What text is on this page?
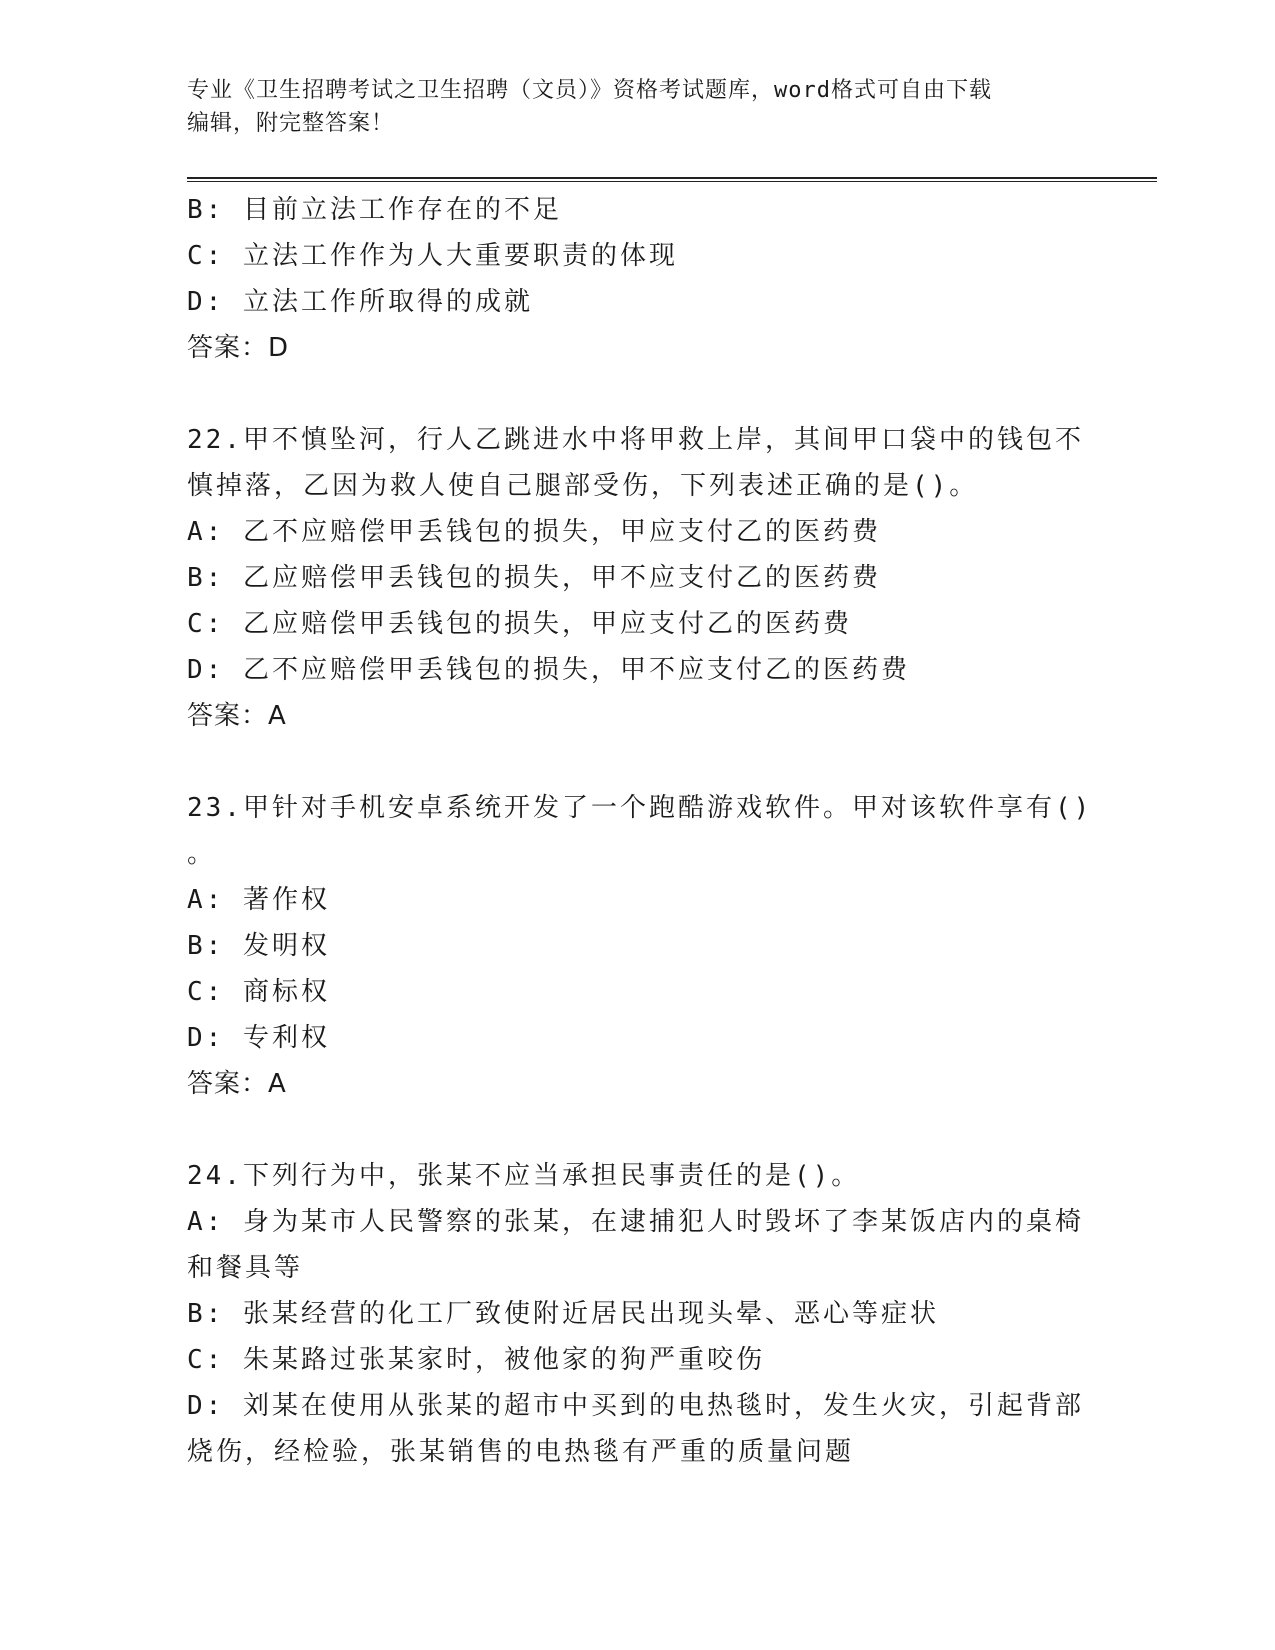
专业《卫生招聘考试之卫生招聘（文员）》资格考试题库，word格式可自由下载
编辑，附完整答案！
B: 目前立法工作存在的不足
C: 立法工作作为人大重要职责的体现
D: 立法工作所取得的成就
答案：D
22.甲不慎坠河，行人乙跳进水中将甲救上岸，其间甲口袋中的钱包不
慎掉落，乙因为救人使自己腿部受伤，下列表述正确的是()。
A: 乙不应赔偿甲丢钱包的损失，甲应支付乙的医药费
B: 乙应赔偿甲丢钱包的损失，甲不应支付乙的医药费
C: 乙应赔偿甲丢钱包的损失，甲应支付乙的医药费
D: 乙不应赔偿甲丢钱包的损失，甲不应支付乙的医药费
答案：A
23.甲针对手机安卓系统开发了一个跑酷游戏软件。甲对该软件享有()
。
A: 著作权
B: 发明权
C: 商标权
D: 专利权
答案：A
24.下列行为中，张某不应当承担民事责任的是()。
A: 身为某市人民警察的张某，在逮捕犯人时毁坏了李某饭店内的桌椅
和餐具等
B: 张某经营的化工厂致使附近居民出现头晕、恶心等症状
C: 朱某路过张某家时，被他家的狗严重咬伤
D: 刘某在使用从张某的超市中买到的电热毯时，发生火灾，引起背部
烧伤，经检验，张某销售的电热毯有严重的质量问题
